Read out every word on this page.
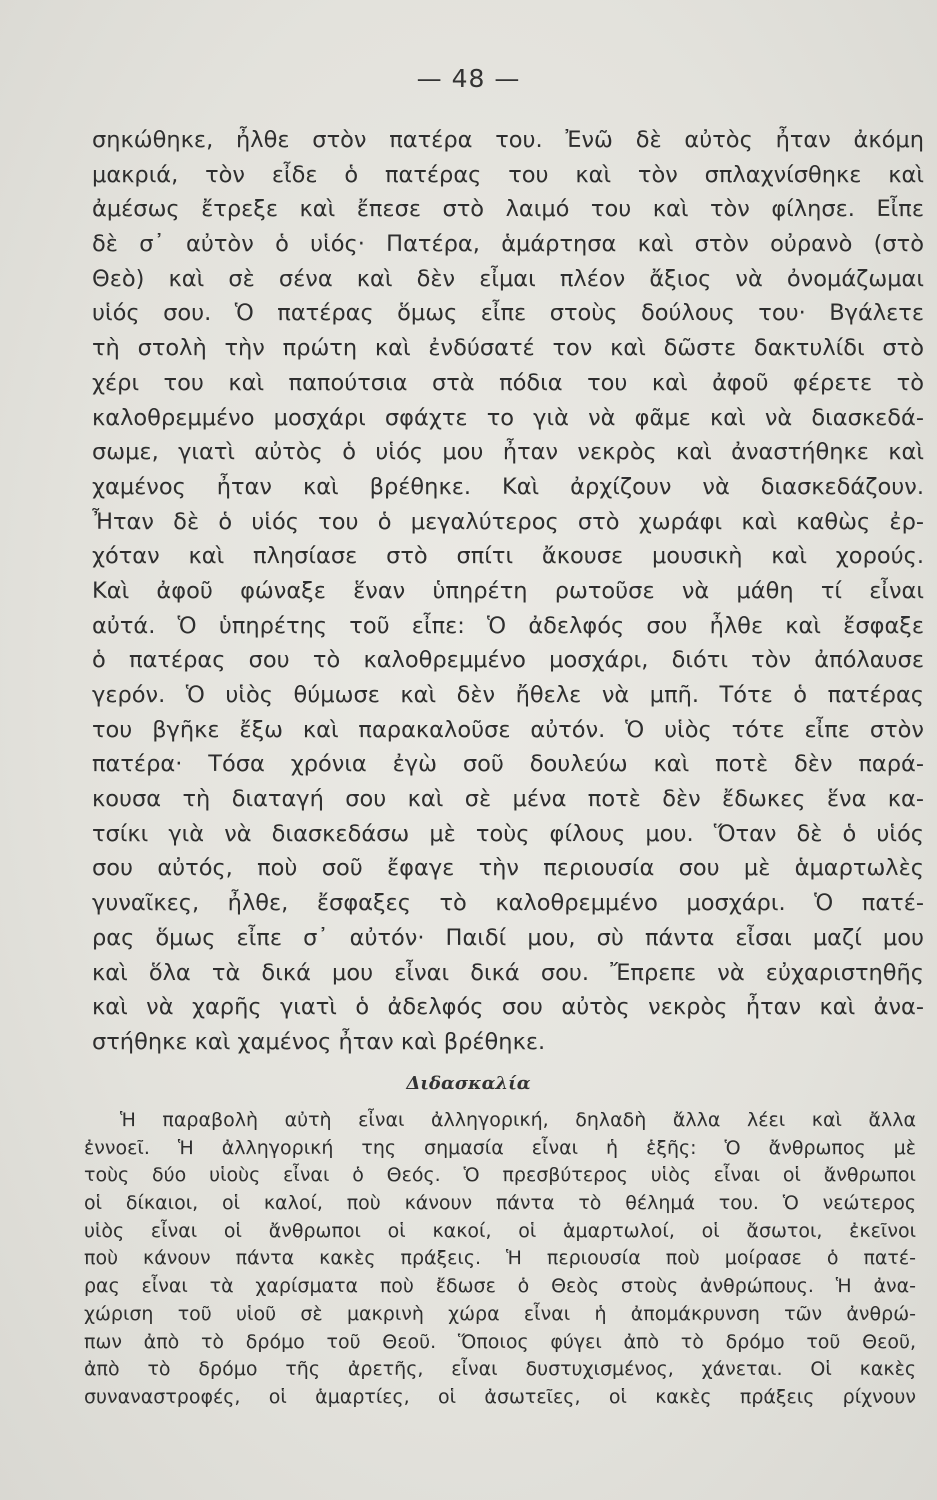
— 48 —
σηκώθηκε, ἦλθε στὸν πατέρα του. Ἐνῶ δὲ αὐτὸς ἦταν ἀκόμη
μακριά, τὸν εἶδε ὁ πατέρας του καὶ τὸν σπλαχνίσθηκε καὶ
ἀμέσως ἔτρεξε καὶ ἔπεσε στὸ λαιμό του καὶ τὸν φίλησε. Εἶπε
δὲ σ᾿ αὐτὸν ὁ υἱός· Πατέρα, ἁμάρτησα καὶ στὸν οὐρανὸ (στὸ
Θεὸ) καὶ σὲ σένα καὶ δὲν εἶμαι πλέον ἄξιος νὰ ὀνομάζωμαι
υἱός σου. Ὁ πατέρας ὅμως εἶπε στοὺς δούλους του· Βγάλετε
τὴ στολὴ τὴν πρώτη καὶ ἐνδύσατέ τον καὶ δῶστε δακτυλίδι στὸ
χέρι του καὶ παπούτσια στὰ πόδια του καὶ ἀφοῦ φέρετε τὸ
καλοθρεμμένο μοσχάρι σφάχτε το γιὰ νὰ φᾶμε καὶ νὰ διασκεδά-
σωμε, γιατὶ αὐτὸς ὁ υἱός μου ἦταν νεκρὸς καὶ ἀναστήθηκε καὶ
χαμένος ἦταν καὶ βρέθηκε. Καὶ ἀρχίζουν νὰ διασκεδάζουν.
Ἦταν δὲ ὁ υἱός του ὁ μεγαλύτερος στὸ χωράφι καὶ καθὼς ἐρ-
χόταν καὶ πλησίασε στὸ σπίτι ἄκουσε μουσικὴ καὶ χορούς.
Καὶ ἀφοῦ φώναξε ἕναν ὑπηρέτη ρωτοῦσε νὰ μάθη τί εἶναι
αὐτά. Ὁ ὑπηρέτης τοῦ εἶπε: Ὁ ἀδελφός σου ἦλθε καὶ ἔσφαξε
ὁ πατέρας σου τὸ καλοθρεμμένο μοσχάρι, διότι τὸν ἀπόλαυσε
γερόν. Ὁ υἱὸς θύμωσε καὶ δὲν ἤθελε νὰ μπῆ. Τότε ὁ πατέρας
του βγῆκε ἔξω καὶ παρακαλοῦσε αὐτόν. Ὁ υἱὸς τότε εἶπε στὸν
πατέρα· Τόσα χρόνια ἐγὼ σοῦ δουλεύω καὶ ποτὲ δὲν παρά-
κουσα τὴ διαταγή σου καὶ σὲ μένα ποτὲ δὲν ἔδωκες ἕνα κα-
τσίκι γιὰ νὰ διασκεδάσω μὲ τοὺς φίλους μου. Ὅταν δὲ ὁ υἱός
σου αὐτός, ποὺ σοῦ ἔφαγε τὴν περιουσία σου μὲ ἁμαρτωλὲς
γυναῖκες, ἦλθε, ἔσφαξες τὸ καλοθρεμμένο μοσχάρι. Ὁ πατέ-
ρας ὅμως εἶπε σ᾿ αὐτόν· Παιδί μου, σὺ πάντα εἶσαι μαζί μου
καὶ ὅλα τὰ δικά μου εἶναι δικά σου. Ἔπρεπε νὰ εὐχαριστηθῆς
καὶ νὰ χαρῆς γιατὶ ὁ ἀδελφός σου αὐτὸς νεκρὸς ἦταν καὶ ἀνα-
στήθηκε καὶ χαμένος ἦταν καὶ βρέθηκε.
Διδασκαλία
Ἡ παραβολὴ αὐτὴ εἶναι ἀλληγορική, δηλαδὴ ἄλλα λέει καὶ ἄλλα
ἐννοεῖ. Ἡ ἀλληγορική της σημασία εἶναι ἡ ἑξῆς: Ὁ ἄνθρωπος μὲ
τοὺς δύο υἱοὺς εἶναι ὁ Θεός. Ὁ πρεσβύτερος υἱὸς εἶναι οἱ ἄνθρωποι
οἱ δίκαιοι, οἱ καλοί, ποὺ κάνουν πάντα τὸ θέλημά του. Ὁ νεώτερος
υἱὸς εἶναι οἱ ἄνθρωποι οἱ κακοί, οἱ ἁμαρτωλοί, οἱ ἄσωτοι, ἐκεῖνοι
ποὺ κάνουν πάντα κακὲς πράξεις. Ἡ περιουσία ποὺ μοίρασε ὁ πατέ-
ρας εἶναι τὰ χαρίσματα ποὺ ἔδωσε ὁ Θεὸς στοὺς ἀνθρώπους. Ἡ ἀνα-
χώριση τοῦ υἱοῦ σὲ μακρινὴ χώρα εἶναι ἡ ἀπομάκρυνση τῶν ἀνθρώ-
πων ἀπὸ τὸ δρόμο τοῦ Θεοῦ. Ὅποιος φύγει ἀπὸ τὸ δρόμο τοῦ Θεοῦ,
ἀπὸ τὸ δρόμο τῆς ἀρετῆς, εἶναι δυστυχισμένος, χάνεται. Οἱ κακὲς
συναναστροφές, οἱ ἁμαρτίες, οἱ ἀσωτεῖες, οἱ κακὲς πράξεις ρίχνουν
